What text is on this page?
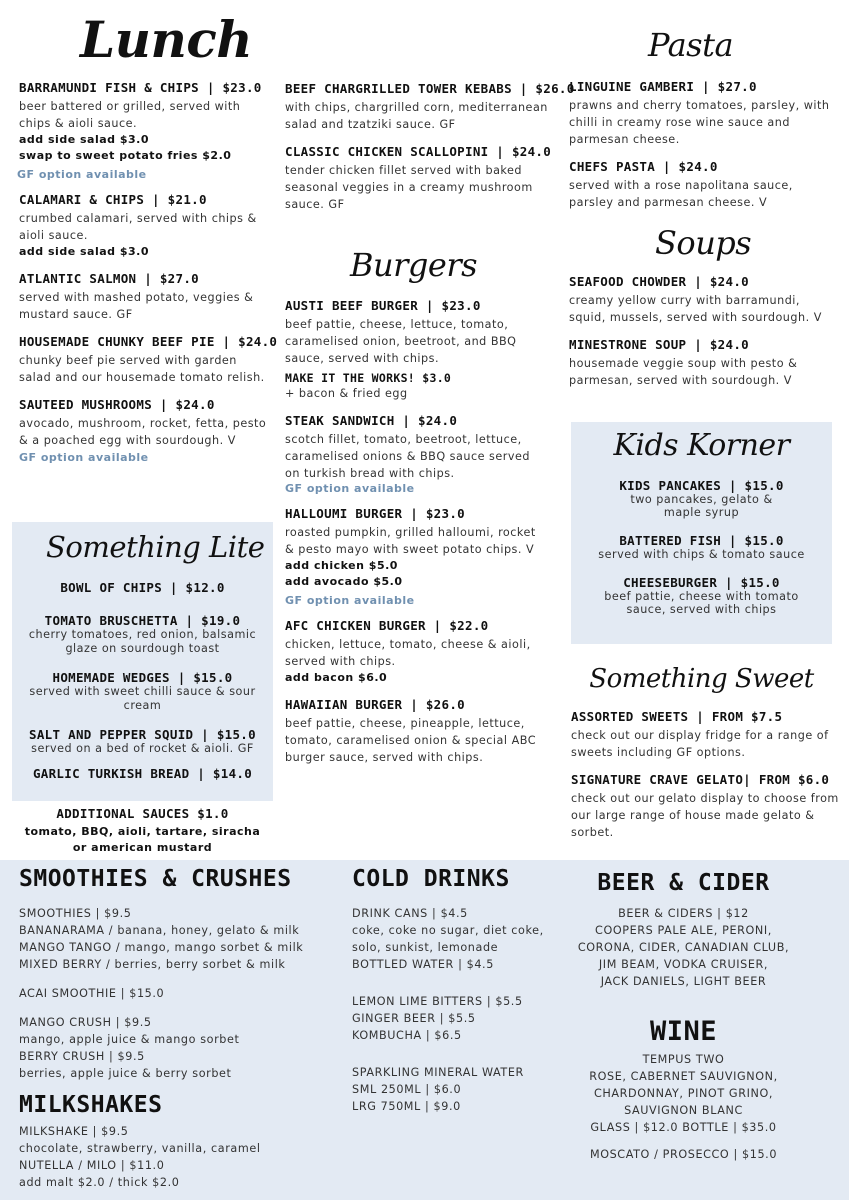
Lunch	Pasta
Burgers
Soups
BARRAMUNDI FISH & CHIPS | $23.0
beer battered or grilled, served with chips & aioli sauce.
add side salad $3.0
swap to sweet potato fries $2.0
GF option available
CALAMARI & CHIPS | $21.0
crumbed calamari, served with chips & aioli sauce.
add side salad $3.0
ATLANTIC SALMON | $27.0
served with mashed potato, veggies & mustard sauce. GF
HOUSEMADE CHUNKY BEEF PIE | $24.0
chunky beef pie served with garden salad and our housemade tomato relish.
SAUTEED MUSHROOMS | $24.0
avocado, mushroom, rocket, fetta, pesto & a poached egg with sourdough. V
GF option available
Something Lite
BOWL OF CHIPS | $12.0
TOMATO BRUSCHETTA | $19.0
cherry tomatoes, red onion, balsamic glaze on sourdough toast
HOMEMADE WEDGES | $15.0
served with sweet chilli sauce & sour cream
SALT AND PEPPER SQUID | $15.0
served on a bed of rocket & aioli. GF
GARLIC TURKISH BREAD | $14.0
ADDITIONAL SAUCES $1.0
tomato, BBQ, aioli, tartare, siracha or american mustard
BEEF CHARGRILLED TOWER KEBABS | $26.0
with chips, chargrilled corn, mediterranean salad and tzatziki sauce. GF
CLASSIC CHICKEN SCALLOPINI | $24.0
tender chicken fillet served with baked seasonal veggies in a creamy mushroom sauce. GF
AUSTI BEEF BURGER | $23.0
beef pattie, cheese, lettuce, tomato, caramelised onion, beetroot, and BBQ sauce, served with chips.
MAKE IT THE WORKS! $3.0
+ bacon & fried egg
STEAK SANDWICH | $24.0
scotch fillet, tomato, beetroot, lettuce, caramelised onions & BBQ sauce served on turkish bread with chips.
GF option available
HALLOUMI BURGER | $23.0
roasted pumpkin, grilled halloumi, rocket & pesto mayo with sweet potato chips. V
add chicken $5.0
add avocado $5.0
GF option available
AFC CHICKEN BURGER | $22.0
chicken, lettuce, tomato, cheese & aioli, served with chips.
add bacon $6.0
HAWAIIAN BURGER | $26.0
beef pattie, cheese, pineapple, lettuce, tomato, caramelised onion & special ABC burger sauce, served with chips.
LINGUINE GAMBERI | $27.0
prawns and cherry tomatoes, parsley, with chilli in creamy rose wine sauce and parmesan cheese.
CHEFS PASTA | $24.0
served with a rose napolitana sauce, parsley and parmesan cheese. V
SEAFOOD CHOWDER | $24.0
creamy yellow curry with barramundi, squid, mussels, served with sourdough. V
MINESTRONE SOUP | $24.0
housemade veggie soup with pesto & parmesan, served with sourdough. V
Kids Korner
KIDS PANCAKES | $15.0
two pancakes, gelato & maple syrup
BATTERED FISH | $15.0
served with chips & tomato sauce
CHEESEBURGER | $15.0
beef pattie, cheese with tomato sauce, served with chips
Something Sweet
ASSORTED SWEETS | FROM $7.5
check out our display fridge for a range of sweets including GF options.
SIGNATURE CRAVE GELATO| FROM $6.0
check out our gelato display to choose from our large range of house made gelato & sorbet.
SMOOTHIES & CRUSHES
SMOOTHIES | $9.5
BANANARAMA / banana, honey, gelato & milk
MANGO TANGO / mango, mango sorbet & milk
MIXED BERRY / berries, berry sorbet & milk
ACAI SMOOTHIE | $15.0
MANGO CRUSH | $9.5
mango, apple juice & mango sorbet
BERRY CRUSH | $9.5
berries, apple juice & berry sorbet
MILKSHAKES
MILKSHAKE | $9.5
chocolate, strawberry, vanilla, caramel
NUTELLA / MILO | $11.0
add malt $2.0 / thick $2.0
COLD DRINKS
DRINK CANS | $4.5
coke, coke no sugar, diet coke,
solo, sunkist, lemonade
BOTTLED WATER | $4.5
LEMON LIME BITTERS | $5.5
GINGER BEER | $5.5
KOMBUCHA | $6.5
SPARKLING MINERAL WATER
SML 250ML | $6.0
LRG 750ML | $9.0
BEER & CIDER
BEER & CIDERS | $12
COOPERS PALE ALE, PERONI,
CORONA, CIDER, CANADIAN CLUB,
JIM BEAM, VODKA CRUISER,
JACK DANIELS, LIGHT BEER
WINE
TEMPUS TWO
ROSE, CABERNET SAUVIGNON,
CHARDONNAY, PINOT GRINO,
SAUVIGNON BLANC
GLASS | $12.0 BOTTLE | $35.0
MOSCATO / PROSECCO | $15.0
